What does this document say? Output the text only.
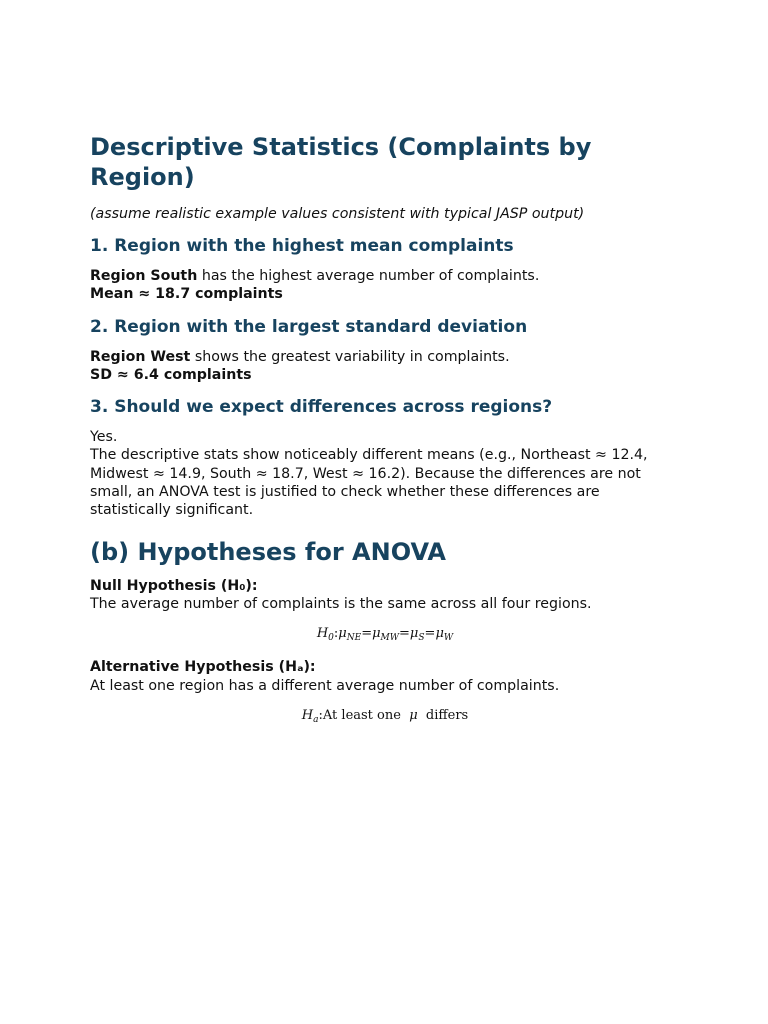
Descriptive Statistics (Complaints by Region)

(assume realistic example values consistent with typical JASP output)

1. Region with the highest mean complaints

Region South has the highest average number of complaints.
Mean ≈ 18.7 complaints

2. Region with the largest standard deviation

Region West shows the greatest variability in complaints.
SD ≈ 6.4 complaints

3. Should we expect differences across regions?

Yes.
The descriptive stats show noticeably different means (e.g., Northeast ≈ 12.4, Midwest ≈ 14.9, South ≈ 18.7, West ≈ 16.2). Because the differences are not small, an ANOVA test is justified to check whether these differences are statistically significant.

(b) Hypotheses for ANOVA

Null Hypothesis (H₀):
The average number of complaints is the same across all four regions.

$H_0:\mu_{NE}=\mu_{MW}=\mu_S=\mu_W$

Alternative Hypothesis (Hₐ):
At least one region has a different average number of complaints.

$H_a:At$ least one μ differs
